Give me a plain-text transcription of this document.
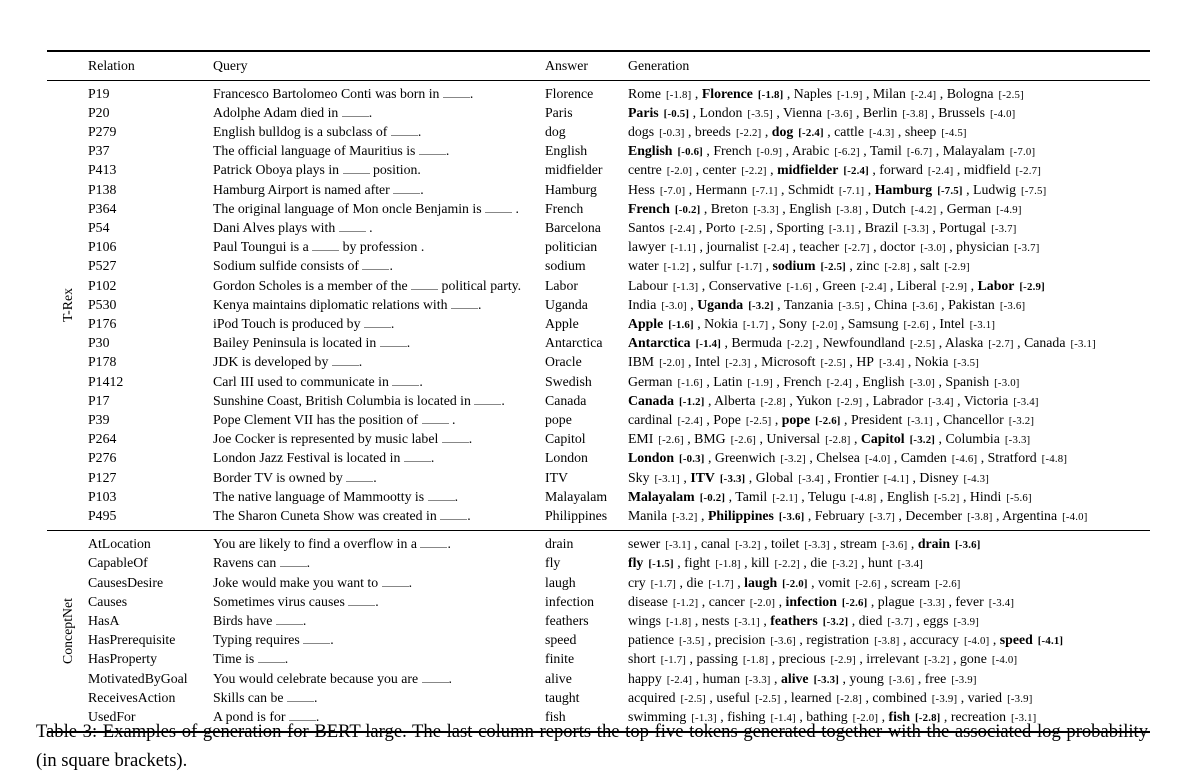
	Relation	Query	Answer	Generation

T-Rex	P19	Francesco Bartolomeo Conti was born in .	Florence	Rome [-1.8] , Florence [-1.8] , Naples [-1.9] , Milan [-2.4] , Bologna [-2.5]
	P20	Adolphe Adam died in .	Paris	Paris [-0.5] , London [-3.5] , Vienna [-3.6] , Berlin [-3.8] , Brussels [-4.0]
	P279	English bulldog is a subclass of .	dog	dogs [-0.3] , breeds [-2.2] , dog [-2.4] , cattle [-4.3] , sheep [-4.5]
	P37	The official language of Mauritius is .	English	English [-0.6] , French [-0.9] , Arabic [-6.2] , Tamil [-6.7] , Malayalam [-7.0]
	P413	Patrick Oboya plays in  position.	midfielder	centre [-2.0] , center [-2.2] , midfielder [-2.4] , forward [-2.4] , midfield [-2.7]
	P138	Hamburg Airport is named after .	Hamburg	Hess [-7.0] , Hermann [-7.1] , Schmidt [-7.1] , Hamburg [-7.5] , Ludwig [-7.5]
	P364	The original language of Mon oncle Benjamin is  .	French	French [-0.2] , Breton [-3.3] , English [-3.8] , Dutch [-4.2] , German [-4.9]
	P54	Dani Alves plays with  .	Barcelona	Santos [-2.4] , Porto [-2.5] , Sporting [-3.1] , Brazil [-3.3] , Portugal [-3.7]
	P106	Paul Toungui is a  by profession .	politician	lawyer [-1.1] , journalist [-2.4] , teacher [-2.7] , doctor [-3.0] , physician [-3.7]
	P527	Sodium sulfide consists of .	sodium	water [-1.2] , sulfur [-1.7] , sodium [-2.5] , zinc [-2.8] , salt [-2.9]
	P102	Gordon Scholes is a member of the  political party.	Labor	Labour [-1.3] , Conservative [-1.6] , Green [-2.4] , Liberal [-2.9] , Labor [-2.9]
	P530	Kenya maintains diplomatic relations with .	Uganda	India [-3.0] , Uganda [-3.2] , Tanzania [-3.5] , China [-3.6] , Pakistan [-3.6]
	P176	iPod Touch is produced by .	Apple	Apple [-1.6] , Nokia [-1.7] , Sony [-2.0] , Samsung [-2.6] , Intel [-3.1]
	P30	Bailey Peninsula is located in .	Antarctica	Antarctica [-1.4] , Bermuda [-2.2] , Newfoundland [-2.5] , Alaska [-2.7] , Canada [-3.1]
	P178	JDK is developed by .	Oracle	IBM [-2.0] , Intel [-2.3] , Microsoft [-2.5] , HP [-3.4] , Nokia [-3.5]
	P1412	Carl III used to communicate in .	Swedish	German [-1.6] , Latin [-1.9] , French [-2.4] , English [-3.0] , Spanish [-3.0]
	P17	Sunshine Coast, British Columbia is located in .	Canada	Canada [-1.2] , Alberta [-2.8] , Yukon [-2.9] , Labrador [-3.4] , Victoria [-3.4]
	P39	Pope Clement VII has the position of  .	pope	cardinal [-2.4] , Pope [-2.5] , pope [-2.6] , President [-3.1] , Chancellor [-3.2]
	P264	Joe Cocker is represented by music label .	Capitol	EMI [-2.6] , BMG [-2.6] , Universal [-2.8] , Capitol [-3.2] , Columbia [-3.3]
	P276	London Jazz Festival is located in .	London	London [-0.3] , Greenwich [-3.2] , Chelsea [-4.0] , Camden [-4.6] , Stratford [-4.8]
	P127	Border TV is owned by .	ITV	Sky [-3.1] , ITV [-3.3] , Global [-3.4] , Frontier [-4.1] , Disney [-4.3]
	P103	The native language of Mammootty is .	Malayalam	Malayalam [-0.2] , Tamil [-2.1] , Telugu [-4.8] , English [-5.2] , Hindi [-5.6]
	P495	The Sharon Cuneta Show was created in .	Philippines	Manila [-3.2] , Philippines [-3.6] , February [-3.7] , December [-3.8] , Argentina [-4.0]

ConceptNet	AtLocation	You are likely to find a overflow in a .	drain	sewer [-3.1] , canal [-3.2] , toilet [-3.3] , stream [-3.6] , drain [-3.6]
	CapableOf	Ravens can .	fly	fly [-1.5] , fight [-1.8] , kill [-2.2] , die [-3.2] , hunt [-3.4]
	CausesDesire	Joke would make you want to .	laugh	cry [-1.7] , die [-1.7] , laugh [-2.0] , vomit [-2.6] , scream [-2.6]
	Causes	Sometimes virus causes .	infection	disease [-1.2] , cancer [-2.0] , infection [-2.6] , plague [-3.3] , fever [-3.4]
	HasA	Birds have .	feathers	wings [-1.8] , nests [-3.1] , feathers [-3.2] , died [-3.7] , eggs [-3.9]
	HasPrerequisite	Typing requires .	speed	patience [-3.5] , precision [-3.6] , registration [-3.8] , accuracy [-4.0] , speed [-4.1]
	HasProperty	Time is .	finite	short [-1.7] , passing [-1.8] , precious [-2.9] , irrelevant [-3.2] , gone [-4.0]
	MotivatedByGoal	You would celebrate because you are .	alive	happy [-2.4] , human [-3.3] , alive [-3.3] , young [-3.6] , free [-3.9]
	ReceivesAction	Skills can be .	taught	acquired [-2.5] , useful [-2.5] , learned [-2.8] , combined [-3.9] , varied [-3.9]
	UsedFor	A pond is for .	fish	swimming [-1.3] , fishing [-1.4] , bathing [-2.0] , fish [-2.8] , recreation [-3.1]
Table 3: Examples of generation for BERT-large. The last column reports the top five tokens generated together with the associated log probability (in square brackets).
